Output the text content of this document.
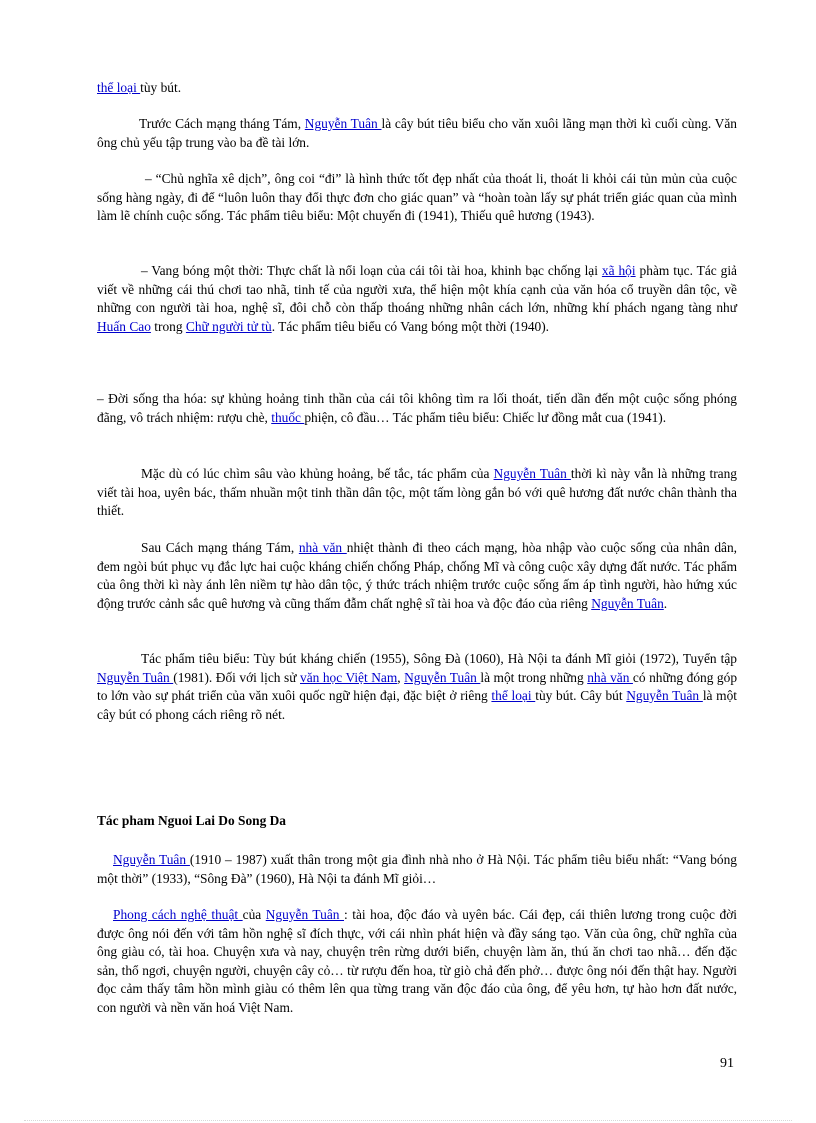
thể loại tùy bút.

Trước Cách mạng tháng Tám, Nguyễn Tuân là cây bút tiêu biểu cho văn xuôi lãng mạn thời kì cuối cùng. Văn ông chủ yếu tập trung vào ba đề tài lớn.

– “Chủ nghĩa xê dịch”, ông coi “đi” là hình thức tốt đẹp nhất của thoát li, thoát li khỏi cái tủn mủn của cuộc sống hàng ngày, đi để “luôn luôn thay đổi thực đơn cho giác quan” và “hoàn toàn lấy sự phát triển giác quan của mình làm lẽ chính cuộc sống. Tác phẩm tiêu biểu: Một chuyến đi (1941), Thiếu quê hương (1943).

– Vang bóng một thời: Thực chất là nổi loạn của cái tôi tài hoa, khinh bạc chống lại xã hội phàm tục. Tác giả viết về những cái thú chơi tao nhã, tinh tế của người xưa, thể hiện một khía cạnh của văn hóa cổ truyền dân tộc, về những con người tài hoa, nghệ sĩ, đôi chỗ còn thấp thoáng những nhân cách lớn, những khí phách ngang tàng như Huấn Cao trong Chữ người tử tù. Tác phẩm tiêu biểu có Vang bóng một thời (1940).

– Đời sống tha hóa: sự khủng hoảng tinh thần của cái tôi không tìm ra lối thoát, tiến dần đến một cuộc sống phóng đãng, vô trách nhiệm: rượu chè, thuốc phiện, cô đầu… Tác phẩm tiêu biểu: Chiếc lư đồng mắt cua (1941).

Mặc dù có lúc chìm sâu vào khủng hoảng, bế tắc, tác phẩm của Nguyễn Tuân thời kì này vẫn là những trang viết tài hoa, uyên bác, thấm nhuần một tinh thần dân tộc, một tấm lòng gắn bó với quê hương đất nước chân thành tha thiết.

Sau Cách mạng tháng Tám, nhà văn nhiệt thành đi theo cách mạng, hòa nhập vào cuộc sống của nhân dân, đem ngòi bút phục vụ đắc lực hai cuộc kháng chiến chống Pháp, chống Mĩ và công cuộc xây dựng đất nước. Tác phẩm của ông thời kì này ánh lên niềm tự hào dân tộc, ý thức trách nhiệm trước cuộc sống ấm áp tình người, hào hứng xúc động trước cảnh sắc quê hương và cũng thấm đẫm chất nghệ sĩ tài hoa và độc đáo của riêng Nguyễn Tuân.

Tác phẩm tiêu biểu: Tùy bút kháng chiến (1955), Sông Đà (1060), Hà Nội ta đánh Mĩ giỏi (1972), Tuyển tập Nguyễn Tuân (1981). Đối với lịch sử văn học Việt Nam, Nguyễn Tuân là một trong những nhà văn có những đóng góp to lớn vào sự phát triển của văn xuôi quốc ngữ hiện đại, đặc biệt ở riêng thể loại tùy bút. Cây bút Nguyễn Tuân là một cây bút có phong cách riêng rõ nét.

Tác pham Nguoi Lai Do Song Da

Nguyễn Tuân (1910 – 1987) xuất thân trong một gia đình nhà nho ở Hà Nội. Tác phẩm tiêu biểu nhất: “Vang bóng một thời” (1933), “Sông Đà” (1960), Hà Nội ta đánh Mĩ giỏi…

Phong cách nghệ thuật của Nguyễn Tuân : tài hoa, độc đáo và uyên bác. Cái đẹp, cái thiên lương trong cuộc đời được ông nói đến với tâm hồn nghệ sĩ đích thực, với cái nhìn phát hiện và đầy sáng tạo. Văn của ông, chữ nghĩa của ông giàu có, tài hoa. Chuyện xưa và nay, chuyện trên rừng dưới biển, chuyện làm ăn, thú ăn chơi tao nhã… đến đặc sản, thổ ngơi, chuyện người, chuyện cây cỏ… từ rượu đến hoa, từ giò chả đến phở… được ông nói đến thật hay. Người đọc cảm thấy tâm hồn mình giàu có thêm lên qua từng trang văn độc đáo của ông, để yêu hơn, tự hào hơn đất nước, con người và nền văn hoá Việt Nam.

91
